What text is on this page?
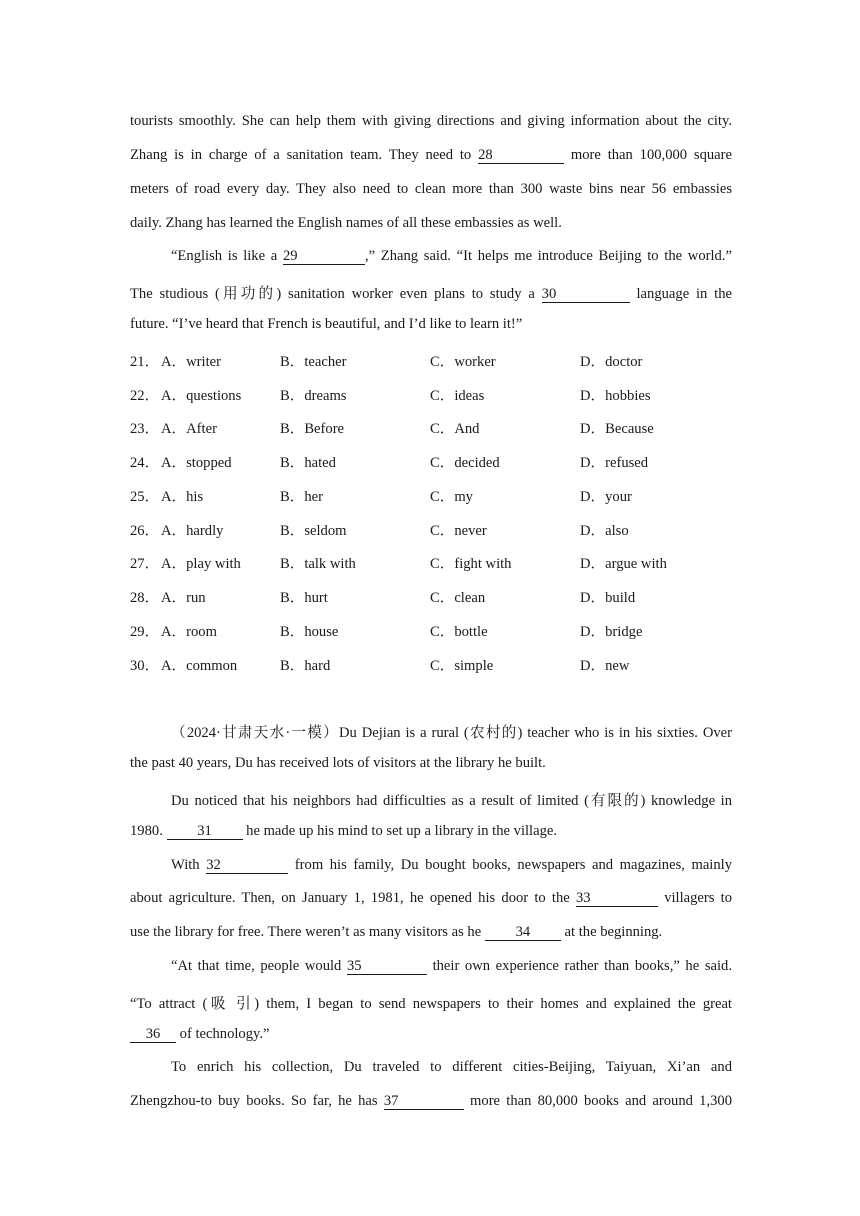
tourists smoothly. She can help them with giving directions and giving information about the city.
Zhang is in charge of a sanitation team. They need to 28	more than 100,000 square
meters of road every day. They also need to clean more than 300 waste bins near 56 embassies
daily. Zhang has learned the English names of all these embassies as well.
“English is like a 29	,” Zhang said. “It helps me introduce Beijing to the world.”
The studious (用功的) sanitation worker even plans to study a 30	language in the
future. “I’ve heard that French is beautiful, and I’d like to learn it!”
21． A．writer	B．teacher	C．worker	D．doctor
22． A．questions	B．dreams	C．ideas	D．hobbies
23． A．After	B．Before	C．And	D．Because
24． A．stopped	B．hated	C．decided	D．refused
25． A．his	B．her	C．my	D．your
26． A．hardly	B．seldom	C．never	D．also
27． A．play with	B．talk with	C．fight with	D．argue with
28． A．run	B．hurt	C．clean	D．build
29． A．room	B．house	C．bottle	D．bridge
30． A．common	B．hard	C．simple	D．new
（2024·甘肃天水·一模）Du Dejian is a rural (农村的) teacher who is in his sixties. Over
the past 40 years, Du has received lots of visitors at the library he built.
Du noticed that his neighbors had difficulties as a result of limited (有限的) knowledge in
1980. 31 he made up his mind to set up a library in the village.
With 32	from his family, Du bought books, newspapers and magazines, mainly
about agriculture. Then, on January 1, 1981, he opened his door to the 33	villagers to
use the library for free. There weren’t as many visitors as he 34 at the beginning.
“At that time, people would 35	their own experience rather than books,” he said.
“To attract (吸 引) them, I began to send newspapers to their homes and explained the great
36 of technology.”
To enrich his collection, Du traveled to different cities-Beijing, Taiyuan, Xi’an and
Zhengzhou-to buy books. So far, he has 37	more than 80,000 books and around 1,300
